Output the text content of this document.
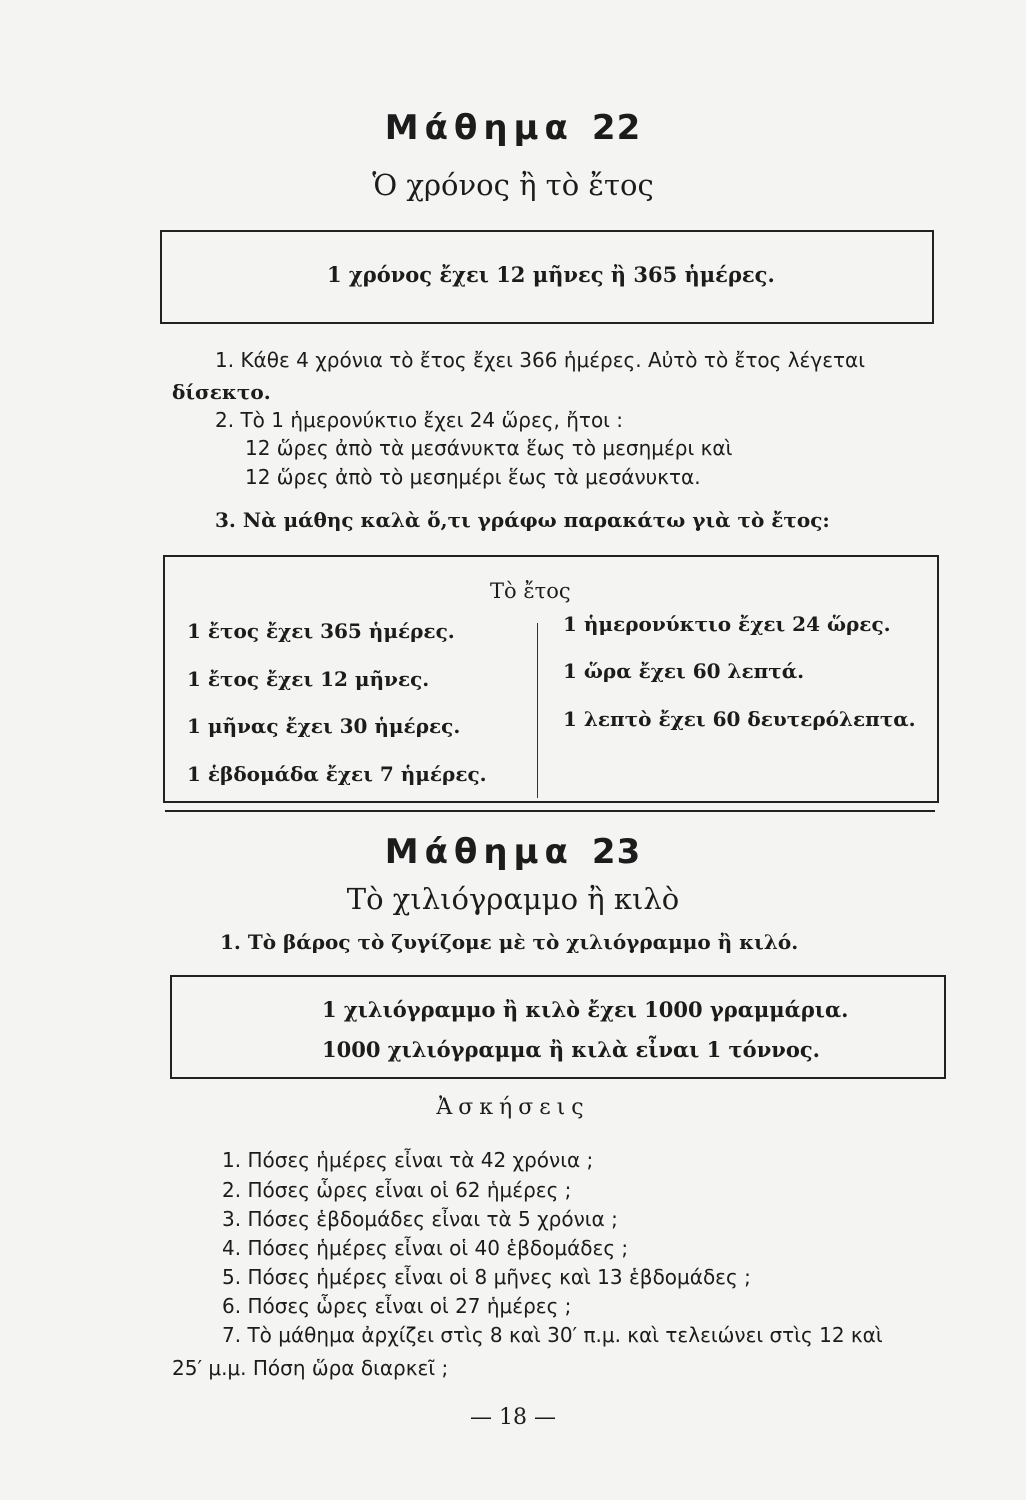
Μάθημα 22
Ὁ χρόνος ἢ τὸ ἔτος
1 χρόνος ἔχει 12 μῆνες ἢ 365 ἡμέρες.
1. Κάθε 4 χρόνια τὸ ἔτος ἔχει 366 ἡμέρες. Αὐτὸ τὸ ἔτος λέγεται
δίσεκτο.
2. Τὸ 1 ἡμερονύκτιο ἔχει 24 ὥρες, ἤτοι :
12 ὥρες ἀπὸ τὰ μεσάνυκτα ἕως τὸ μεσημέρι καὶ
12 ὥρες ἀπὸ τὸ μεσημέρι ἕως τὰ μεσάνυκτα.
3. Νὰ μάθης καλὰ ὅ,τι γράφω παρακάτω γιὰ τὸ ἔτος:
Τὸ ἔτος
1 ἔτος ἔχει 365 ἡμέρες.
1 ἔτος ἔχει 12 μῆνες.
1 μῆνας ἔχει 30 ἡμέρες.
1 ἑβδομάδα ἔχει 7 ἡμέρες.
1 ἡμερονύκτιο ἔχει 24 ὥρες.
1 ὥρα ἔχει 60 λεπτά.
1 λεπτὸ ἔχει 60 δευτερόλεπτα.
Μάθημα 23
Τὸ χιλιόγραμμο ἢ κιλὸ
1. Τὸ βάρος τὸ ζυγίζομε μὲ τὸ χιλιόγραμμο ἢ κιλό.
1 χιλιόγραμμο ἢ κιλὸ ἔχει 1000 γραμμάρια.
1000 χιλιόγραμμα ἢ κιλὰ εἶναι 1 τόννος.
Ἀσκήσεις
1. Πόσες ἡμέρες εἶναι τὰ 42 χρόνια ;
2. Πόσες ὧρες εἶναι οἱ 62 ἡμέρες ;
3. Πόσες ἑβδομάδες εἶναι τὰ 5 χρόνια ;
4. Πόσες ἡμέρες εἶναι οἱ 40 ἑβδομάδες ;
5. Πόσες ἡμέρες εἶναι οἱ 8 μῆνες καὶ 13 ἑβδομάδες ;
6. Πόσες ὧρες εἶναι οἱ 27 ἡμέρες ;
7. Τὸ μάθημα ἀρχίζει στὶς 8 καὶ 30′ π.μ. καὶ τελειώνει στὶς 12 καὶ
25′ μ.μ. Πόση ὥρα διαρκεῖ ;
— 18 —
